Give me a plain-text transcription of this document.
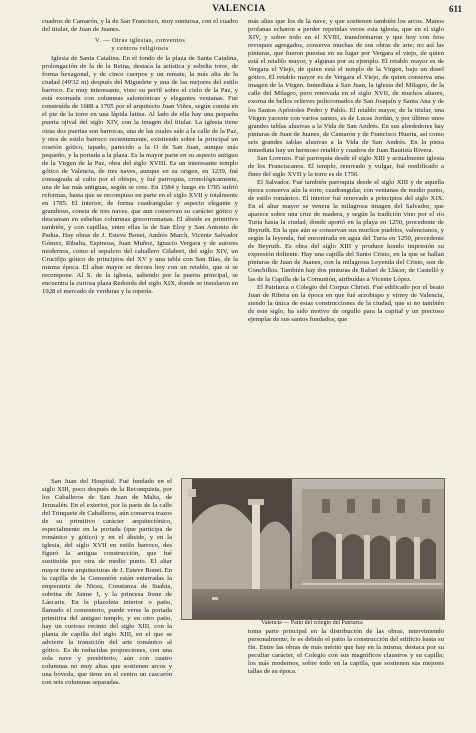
VALENCIA	611

cuadros de Camarón, y la de San Francisco, muy suntuosa, con el cuadro del titular, de Juan de Juanes.

V. — Otras iglesias, conventos
y centros religiosos

Iglesia de Santa Catalina. En el fondo de la plaza de Santa Catalina, prolongación de la de la Reina, destaca la artística y esbelta torre, de forma hexagonal, y de cinco cuerpos y un remate, la más alta de la ciudad (49'32 m) después del Miguelete y una de las mejores del estilo barroco. Es muy interesante, visto su perfil sobre el cielo de la Paz, y está exornada con columnas salomónicas y elegantes ventanas. Fué construída de 1688 a 1705 por el arquitecto Juan Viñes, según consta en el pie de la torre en una lápida latina. Al lado de ella hay una pequeña puerta ojival del siglo XIV, con la imagen del titular. La iglesia tiene otras dos puertas son barrocas, una de las cuales sale a la calle de la Paz, y otra de estilo barroco recientemente, existiendo sobre la principal un rosetón gótico, tapado, parecido a la O de San Juan, aunque más pequeño, y la portada a la plaza. Es la mayor parte en su aspecto antiguo de la Virgen de la Paz, obra del siglo XVIII. Es un interesante templo gótico de Valencia, de tres naves, aunque en su origen, en 1239, fué consagrada al culto por el obispo, y fué parroquia, cronológicamente, una de las más antiguas, según se cree. En 1584 y luego en 1785 sufrió reformas, hasta que se recompuso en parte en el siglo XVII y totalmente en 1785. El interior, de forma cuadrangular y aspecto elegante y grandioso, consta de tres naves, que aun conservan su carácter gótico y descansan en esbeltas columnas grecorromanas. El ábside es primitivo también, y con capillas, entre ellas la de San Eloy y San Antonio de Padua. Hay obras de J. Esteve Bonet, Andrés March, Vicente Salvador Gómez, Ribalta, Espinosa, Juan Muñoz, Ignacio Vergara y de autores modernos, como el sepulcro del caballero Gilabert, del siglo XIV, un Crucifijo gótico de principios del XV y una tabla con San Blas, de la misma época. El altar mayor se decora hoy con un retablo, que si se recompone. Al S. de la iglesia, saliendo por la puerta principal, se encuentra la curiosa plaza Redonda del siglo XIX, donde se instalaron en 1928 el mercado de verduras y la ropería.

San Juan del Hospital. Fué fundado en el siglo XIII, poco después de la Reconquista, por los Caballeros de San Juan de Malta, de Jerusalén. En el exterior, por la parte de la calle del Trinquete de Caballeros, aún conserva trazos de su primitivo carácter arquitectónico, especialmente en la portada (que participa de románico y gótico) y en el ábside, y en la iglesia, del siglo XVII en estilo barroco, des figuró la antigua construcción, que fué sustituída por otra de medio punto. El altar mayor tiene arquitecturas de J. Esteve Bonet. En la capilla de la Comunión están enterradas la emperatriz de Nicea, Constanza de Suabia, sobrina de Jaime I, y la princesa Irene de Láscaris. En la plazoleta interior o patio, llamado el cementerio, puede verse la portada primitiva del antiguo templo, y en otro patio, hay un curioso recinto del siglo XIII, con la planta de capilla del siglo XIII, en el que se advierte la transición del arte románico al gótico. Es de reducidas proporciones, con una sola nave y presbiterio, aún con cuatro columnas no muy altas que sostienen arcos y una bóveda, que tiene en el centro un cascarón con seis columnas separadas.

más altas que los de la nave, y que sostienen también los arcos. Manos profanas echaron a perder repetidas veces esta iglesia, que en el siglo XIV, y sobre todo en el XVIII, transformaron y que hoy con feos revoques agregados, conserva muchas de sus obras de arte; no así las pinturas, que fueron puestas en su lugar por Vergara el viejo, de quien está el retablo mayor, y algunas por su ejemplo. El retablo mayor es de Vergara el Viejo, de quien está el templo de la Virgen, bajo un dosel gótico. El retablo mayor es de Vergara el Viejo, de quien conserva una imagen de la Virgen. Inmediata a San Juan, la iglesia del Milagro, de la calle del Milagro, pero renovada en el siglo XVII, de muchos altares, exorna de bellos relieves policromados de San Joaquín y Santa Ana y de los Santos Apóstoles Pedro y Pablo. El retablo mayor, de la titular, una Virgen yacente con varios santos, es de Lucas Jordán, y por último unos grandes tablas alusivas a la Vida de San Andrés. En sus alrededores hay pinturas de Juan de Juanes, de Camarón y de Francisco Huerta, así como seis grandes tablas alusivas a la Vida de San Andrés. En la pieza inmediata hay un hermoso retablo y cuadros de Juan Bautista Rivera.

San Lorenzo. Fué parroquia desde el siglo XIII y actualmente iglesia de los Franciscanos. El templo, renovado y vulgar, fué reedificado a fines del siglo XVII y la torre es de 1756.

El Salvador. Fué también parroquia desde el siglo XIII y de aquella época conserva aún la torre, cuadrangular, con ventanas de medio punto, de estilo románico. El interior fué renovado a principios del siglo XIX. En el altar mayor se venera la milagrosa imagen del Salvador, que aparece sobre una cruz de madera, y según la tradición vino por el río Turia hasta la ciudad, donde aportó en la playa en 1250, procedente de Beyruth. En la que aún se conservan sus muchos pueblos, valencianos, y según la leyenda, fué encontrada en agua del Turia en 1250, procedente de Beyruth. Es obra del siglo XIII y produce hondo impresión su expresión doliente. Hay una capilla del Santo Cristo, en la que se hallan pinturas de Juan de Juanes, con la milagrosa Leyenda del Cristo, son de Conchillos. También hay dos pinturas de Rafael de Llácer, de Castelló y las de la Capilla de la Comunión, atribuídas a Vicente López.

El Patriarca o Colegio del Corpus Christi. Fué edificado por el beato Juan de Ribera en la época en que fué arzobispo y virrey de Valencia, siendo la única de estas construcciones de la ciudad, que si no también de este siglo, ha sido motivo de orgullo para la capital y un precioso ejemplar de sus santos fundados, que

Valencia — Patio del colegio del Patriarca

toma parte principal en la distribución de las obras, interviniendo personalmente; le es debido el patio la construcción del edificio hasta su fin. Entre las obras de más mérito que hay en la misma, destaca por su peculiar carácter, el Colegio con sus magníficos claustros y su capilla; los más modernos, sobre todo en la capilla, que sostienen sus mejores tallas de su época.
